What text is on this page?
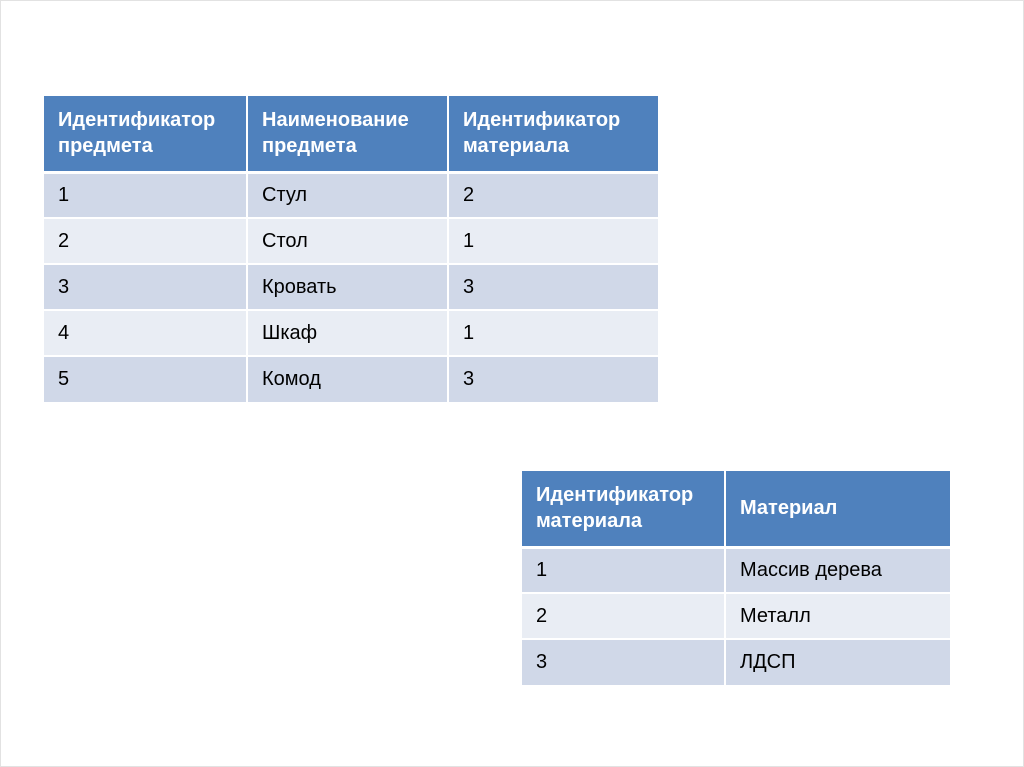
Идентификатор предмета	Наименование предмета	Идентификатор материала
1	Стул	2
2	Стол	1
3	Кровать	3
4	Шкаф	1
5	Комод	3
Идентификатор материала	Материал
1	Массив дерева
2	Металл
3	ЛДСП
